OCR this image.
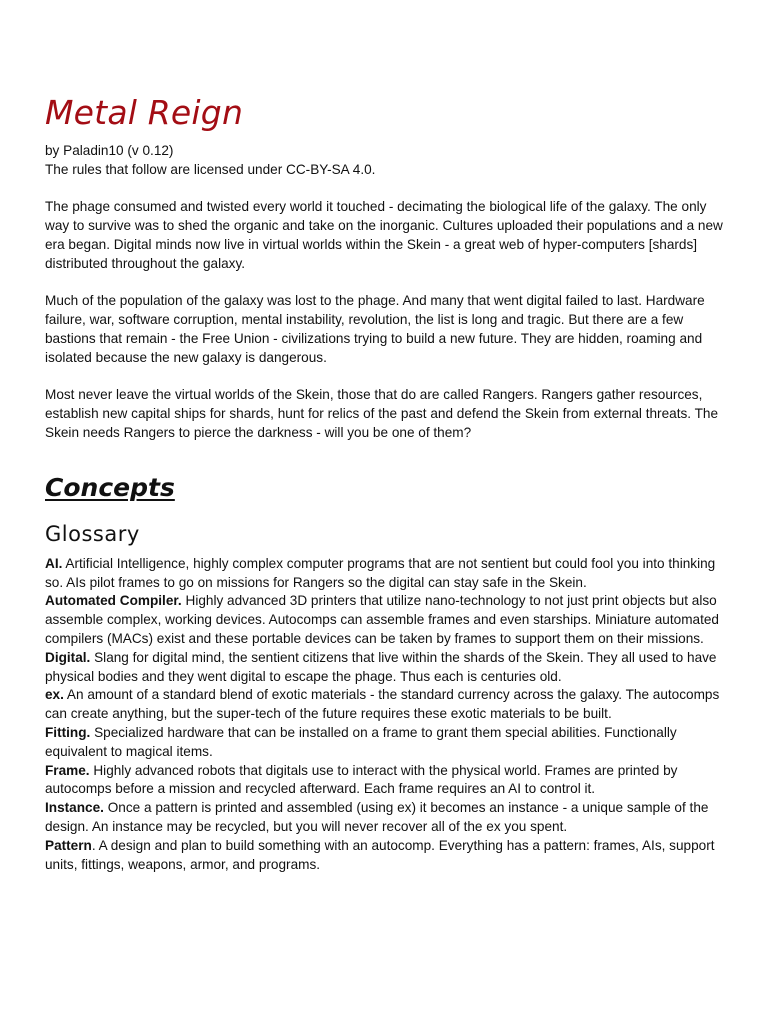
Metal Reign

by Paladin10 (v 0.12)

The rules that follow are licensed under CC-BY-SA 4.0.

The phage consumed and twisted every world it touched - decimating the biological life of the galaxy. The only way to survive was to shed the organic and take on the inorganic. Cultures uploaded their populations and a new era began. Digital minds now live in virtual worlds within the Skein - a great web of hyper-computers [shards] distributed throughout the galaxy.

Much of the population of the galaxy was lost to the phage. And many that went digital failed to last. Hardware failure, war, software corruption, mental instability, revolution, the list is long and tragic. But there are a few bastions that remain - the Free Union - civilizations trying to build a new future. They are hidden, roaming and isolated because the new galaxy is dangerous.

Most never leave the virtual worlds of the Skein, those that do are called Rangers. Rangers gather resources, establish new capital ships for shards, hunt for relics of the past and defend the Skein from external threats. The Skein needs Rangers to pierce the darkness - will you be one of them?

Concepts
Glossary

AI. Artificial Intelligence, highly complex computer programs that are not sentient but could fool you into thinking so. AIs pilot frames to go on missions for Rangers so the digital can stay safe in the Skein.

Automated Compiler. Highly advanced 3D printers that utilize nano-technology to not just print objects but also assemble complex, working devices. Autocomps can assemble frames and even starships. Miniature automated compilers (MACs) exist and these portable devices can be taken by frames to support them on their missions.

Digital. Slang for digital mind, the sentient citizens that live within the shards of the Skein. They all used to have physical bodies and they went digital to escape the phage. Thus each is centuries old.

ex. An amount of a standard blend of exotic materials - the standard currency across the galaxy. The autocomps can create anything, but the super-tech of the future requires these exotic materials to be built.

Fitting. Specialized hardware that can be installed on a frame to grant them special abilities. Functionally equivalent to magical items.

Frame. Highly advanced robots that digitals use to interact with the physical world. Frames are printed by autocomps before a mission and recycled afterward. Each frame requires an AI to control it.

Instance. Once a pattern is printed and assembled (using ex) it becomes an instance - a unique sample of the design. An instance may be recycled, but you will never recover all of the ex you spent.

Pattern. A design and plan to build something with an autocomp. Everything has a pattern: frames, AIs, support units, fittings, weapons, armor, and programs.
